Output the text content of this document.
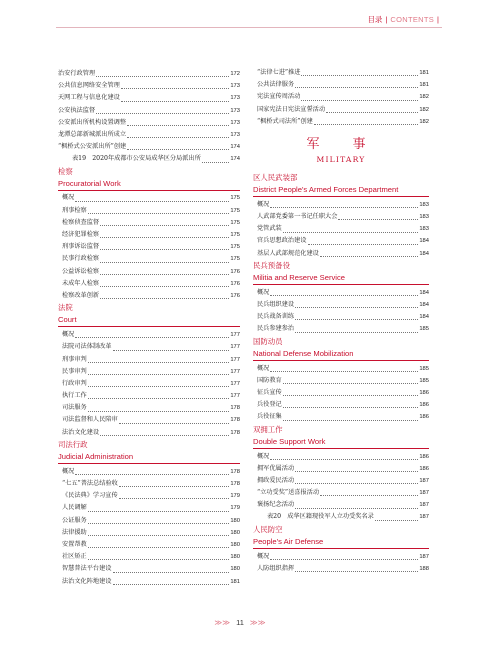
目录 | CONTENTS |
治安行政管理	172
公共信息网络安全管理	173
天网工程与信息化建设	173
公安执法监督	173
公安派出所机构设置调整	173
龙潭总部新城派出所成立	173
“枫桥式公安派出所”创建	174
表19　2020年成都市公安局成华区分局派出所	174
检察
Procuratorial Work
概况	175
刑事检察	175
检察侦查监督	175
经济犯罪检察	175
刑事诉讼监督	175
民事行政检察	175
公益诉讼检察	176
未成年人检察	176
检察改革创新	176
法院
Court
概况	177
法院司法体制改革	177
刑事审判	177
民事审判	177
行政审判	177
执行工作	177
司法服务	178
司法监督和人民陪审	178
法治文化建设	178
司法行政
Judicial Administration
概况	178
“七五”普法总结验收	178
《民法典》学习宣传	179
人民调解	179
公证服务	180
法律援助	180
安置帮教	180
社区矫正	180
智慧普法平台建设	180
法治文化阵地建设	181
“法律七进”推进	181
公共法律服务	181
宪法宣传周活动	182
国家宪法日宪法宣誓活动	182
“枫桥式司法所”创建	182
军　事
MILITARY
区人民武装部
District People's Armed Forces Department
概况	183
人武部党委第一书记任职大会	183
党管武装	183
官兵思想政治建设	184
基层人武部规范化建设	184
民兵预备役
Militia and Reserve Service
概况	184
民兵组织建设	184
民兵战备训练	184
民兵参建参治	185
国防动员
National Defense Mobilization
概况	185
国防教育	185
征兵宣传	186
兵役登记	186
兵役征集	186
双拥工作
Double Support Work
概况	186
拥军优属活动	186
拥政爱民活动	187
“立功受奖”送喜报活动	187
褒扬纪念活动	187
表20　成华区籍现役军人立功受奖名录	187
人民防空
People's Air Defense
概况	187
人防组织指挥	188
≫≫ 11 ≫≫
